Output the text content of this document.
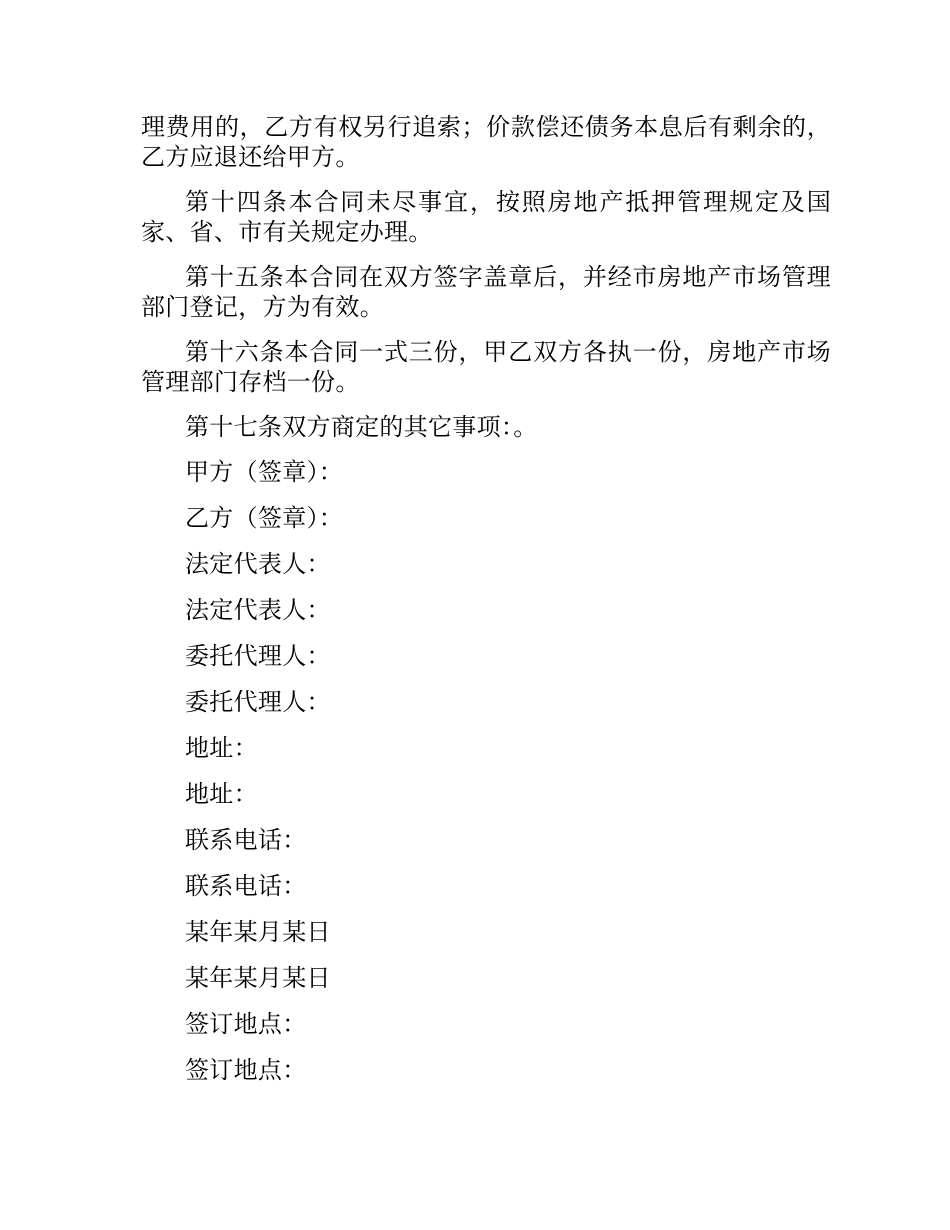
理费用的，乙方有权另行追索；价款偿还债务本息后有剩余的，乙方应退还给甲方。

第十四条本合同未尽事宜，按照房地产抵押管理规定及国家、省、市有关规定办理。

第十五条本合同在双方签字盖章后，并经市房地产市场管理部门登记，方为有效。

第十六条本合同一式三份，甲乙双方各执一份，房地产市场管理部门存档一份。

第十七条双方商定的其它事项：。

甲方（签章）：
乙方（签章）：
法定代表人：
法定代表人：
委托代理人：
委托代理人：
地址：
地址：
联系电话：
联系电话：
某年某月某日
某年某月某日
签订地点：
签订地点：
